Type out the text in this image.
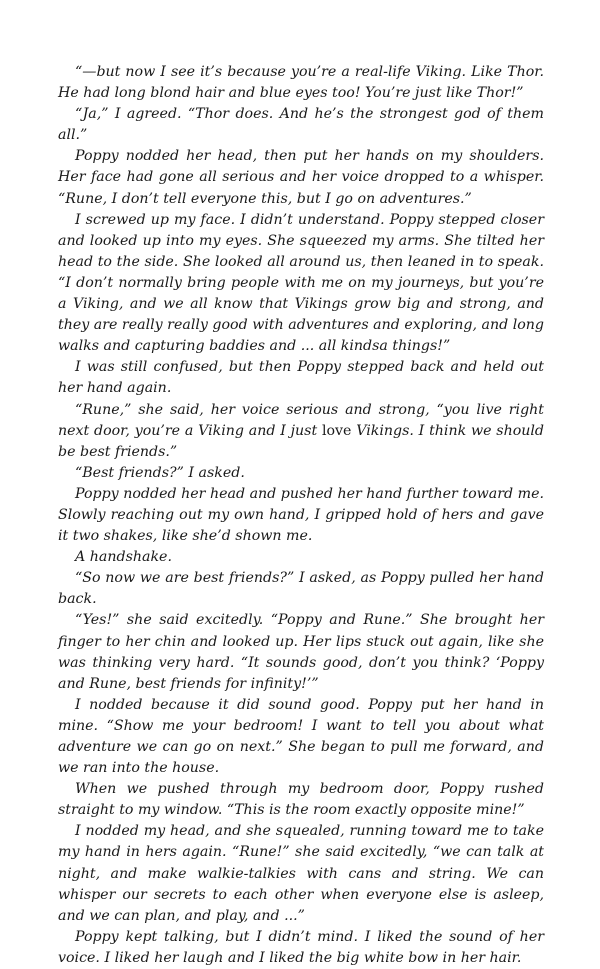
“—but now I see it’s because you’re a real-life Viking. Like Thor. He had long blond hair and blue eyes too! You’re just like Thor!”

“Ja,” I agreed. “Thor does. And he’s the strongest god of them all.”

Poppy nodded her head, then put her hands on my shoulders. Her face had gone all serious and her voice dropped to a whisper. “Rune, I don’t tell everyone this, but I go on adventures.”

I screwed up my face. I didn’t understand. Poppy stepped closer and looked up into my eyes. She squeezed my arms. She tilted her head to the side. She looked all around us, then leaned in to speak. “I don’t normally bring people with me on my journeys, but you’re a Viking, and we all know that Vikings grow big and strong, and they are really really good with adventures and exploring, and long walks and capturing baddies and ... all kindsa things!”

I was still confused, but then Poppy stepped back and held out her hand again.

“Rune,” she said, her voice serious and strong, “you live right next door, you’re a Viking and I just love Vikings. I think we should be best friends.”

“Best friends?” I asked.

Poppy nodded her head and pushed her hand further toward me. Slowly reaching out my own hand, I gripped hold of hers and gave it two shakes, like she’d shown me.

A handshake.

“So now we are best friends?” I asked, as Poppy pulled her hand back.

“Yes!” she said excitedly. “Poppy and Rune.” She brought her finger to her chin and looked up. Her lips stuck out again, like she was thinking very hard. “It sounds good, don’t you think? ‘Poppy and Rune, best friends for infinity!’”

I nodded because it did sound good. Poppy put her hand in mine. “Show me your bedroom! I want to tell you about what adventure we can go on next.” She began to pull me forward, and we ran into the house.

When we pushed through my bedroom door, Poppy rushed straight to my window. “This is the room exactly opposite mine!”

I nodded my head, and she squealed, running toward me to take my hand in hers again. “Rune!” she said excitedly, “we can talk at night, and make walkie-talkies with cans and string. We can whisper our secrets to each other when everyone else is asleep, and we can plan, and play, and ...”

Poppy kept talking, but I didn’t mind. I liked the sound of her voice. I liked her laugh and I liked the big white bow in her hair.
